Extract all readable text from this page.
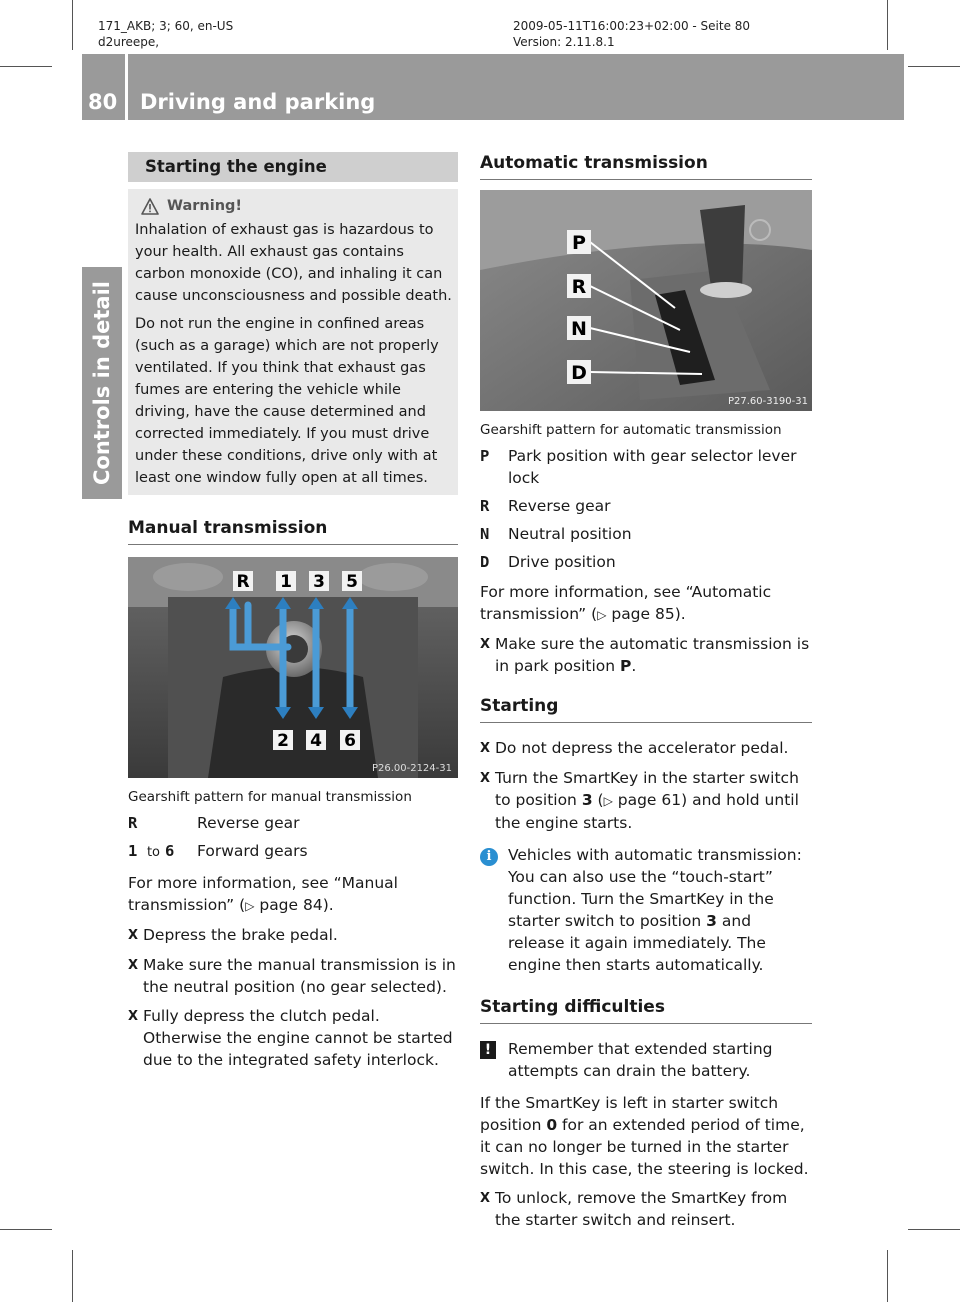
171_AKB; 3; 60, en-US
d2ureepe,
2009-05-11T16:00:23+02:00 - Seite 80
Version: 2.11.8.1
80 Driving and parking
Controls in detail
Starting the engine
Warning!

Inhalation of exhaust gas is hazardous to your health. All exhaust gas contains carbon monoxide (CO), and inhaling it can cause unconsciousness and possible death.

Do not run the engine in confined areas (such as a garage) which are not properly ventilated. If you think that exhaust gas fumes are entering the vehicle while driving, have the cause determined and corrected immediately. If you must drive under these conditions, drive only with at least one window fully open at all times.

Manual transmission
R 1 3 5
2 4 6
P26.00-2124-31
Gearshift pattern for manual transmission
R	Reverse gear
1 to 6	Forward gears

For more information, see “Manual transmission” (▷ page 84).

X Depress the brake pedal.
X Make sure the manual transmission is in the neutral position (no gear selected).
X Fully depress the clutch pedal. Otherwise the engine cannot be started due to the integrated safety interlock.
Automatic transmission
P
R
N
D
P27.60-3190-31
Gearshift pattern for automatic transmission
P	Park position with gear selector lever lock
R	Reverse gear
N	Neutral position
D	Drive position

For more information, see “Automatic transmission” (▷ page 85).

X Make sure the automatic transmission is in park position P.
Starting
X Do not depress the accelerator pedal.
X Turn the SmartKey in the starter switch to position 3 (▷ page 61) and hold until the engine starts.
i	Vehicles with automatic transmission: You can also use the “touch-start” function. Turn the SmartKey in the starter switch to position 3 and release it again immediately. The engine then starts automatically.
Starting difficulties
!	Remember that extended starting attempts can drain the battery.

If the SmartKey is left in starter switch position 0 for an extended period of time, it can no longer be turned in the starter switch. In this case, the steering is locked.

X To unlock, remove the SmartKey from the starter switch and reinsert.
